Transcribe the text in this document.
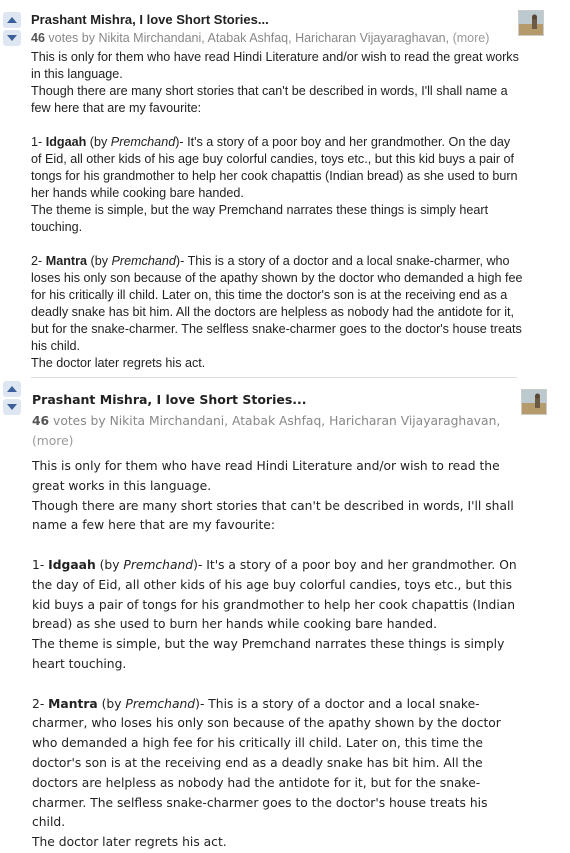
Prashant Mishra, I love Short Stories...
46 votes by Nikita Mirchandani, Atabak Ashfaq, Haricharan Vijayaraghavan, (more)

This is only for them who have read Hindi Literature and/or wish to read the great works in this language.

Though there are many short stories that can't be described in words, I'll shall name a few here that are my favourite:

1- Idgaah (by Premchand)- It's a story of a poor boy and her grandmother. On the day of Eid, all other kids of his age buy colorful candies, toys etc., but this kid buys a pair of tongs for his grandmother to help her cook chapattis (Indian bread) as she used to burn her hands while cooking bare handed.

The theme is simple, but the way Premchand narrates these things is simply heart touching.

2- Mantra (by Premchand)- This is a story of a doctor and a local snake-charmer, who loses his only son because of the apathy shown by the doctor who demanded a high fee for his critically ill child. Later on, this time the doctor's son is at the receiving end as a deadly snake has bit him. All the doctors are helpless as nobody had the antidote for it, but for the snake-charmer. The selfless snake-charmer goes to the doctor's house treats his child.

The doctor later regrets his act.

Prashant Mishra, I love Short Stories...
46 votes by Nikita Mirchandani, Atabak Ashfaq, Haricharan Vijayaraghavan, (more)

This is only for them who have read Hindi Literature and/or wish to read the great works in this language.

Though there are many short stories that can't be described in words, I'll shall name a few here that are my favourite:

1- Idgaah (by Premchand)- It's a story of a poor boy and her grandmother. On the day of Eid, all other kids of his age buy colorful candies, toys etc., but this kid buys a pair of tongs for his grandmother to help her cook chapattis (Indian bread) as she used to burn her hands while cooking bare handed.

The theme is simple, but the way Premchand narrates these things is simply heart touching.

2- Mantra (by Premchand)- This is a story of a doctor and a local snake-charmer, who loses his only son because of the apathy shown by the doctor who demanded a high fee for his critically ill child. Later on, this time the doctor's son is at the receiving end as a deadly snake has bit him. All the doctors are helpless as nobody had the antidote for it, but for the snake-charmer. The selfless snake-charmer goes to the doctor's house treats his child.

The doctor later regrets his act.
